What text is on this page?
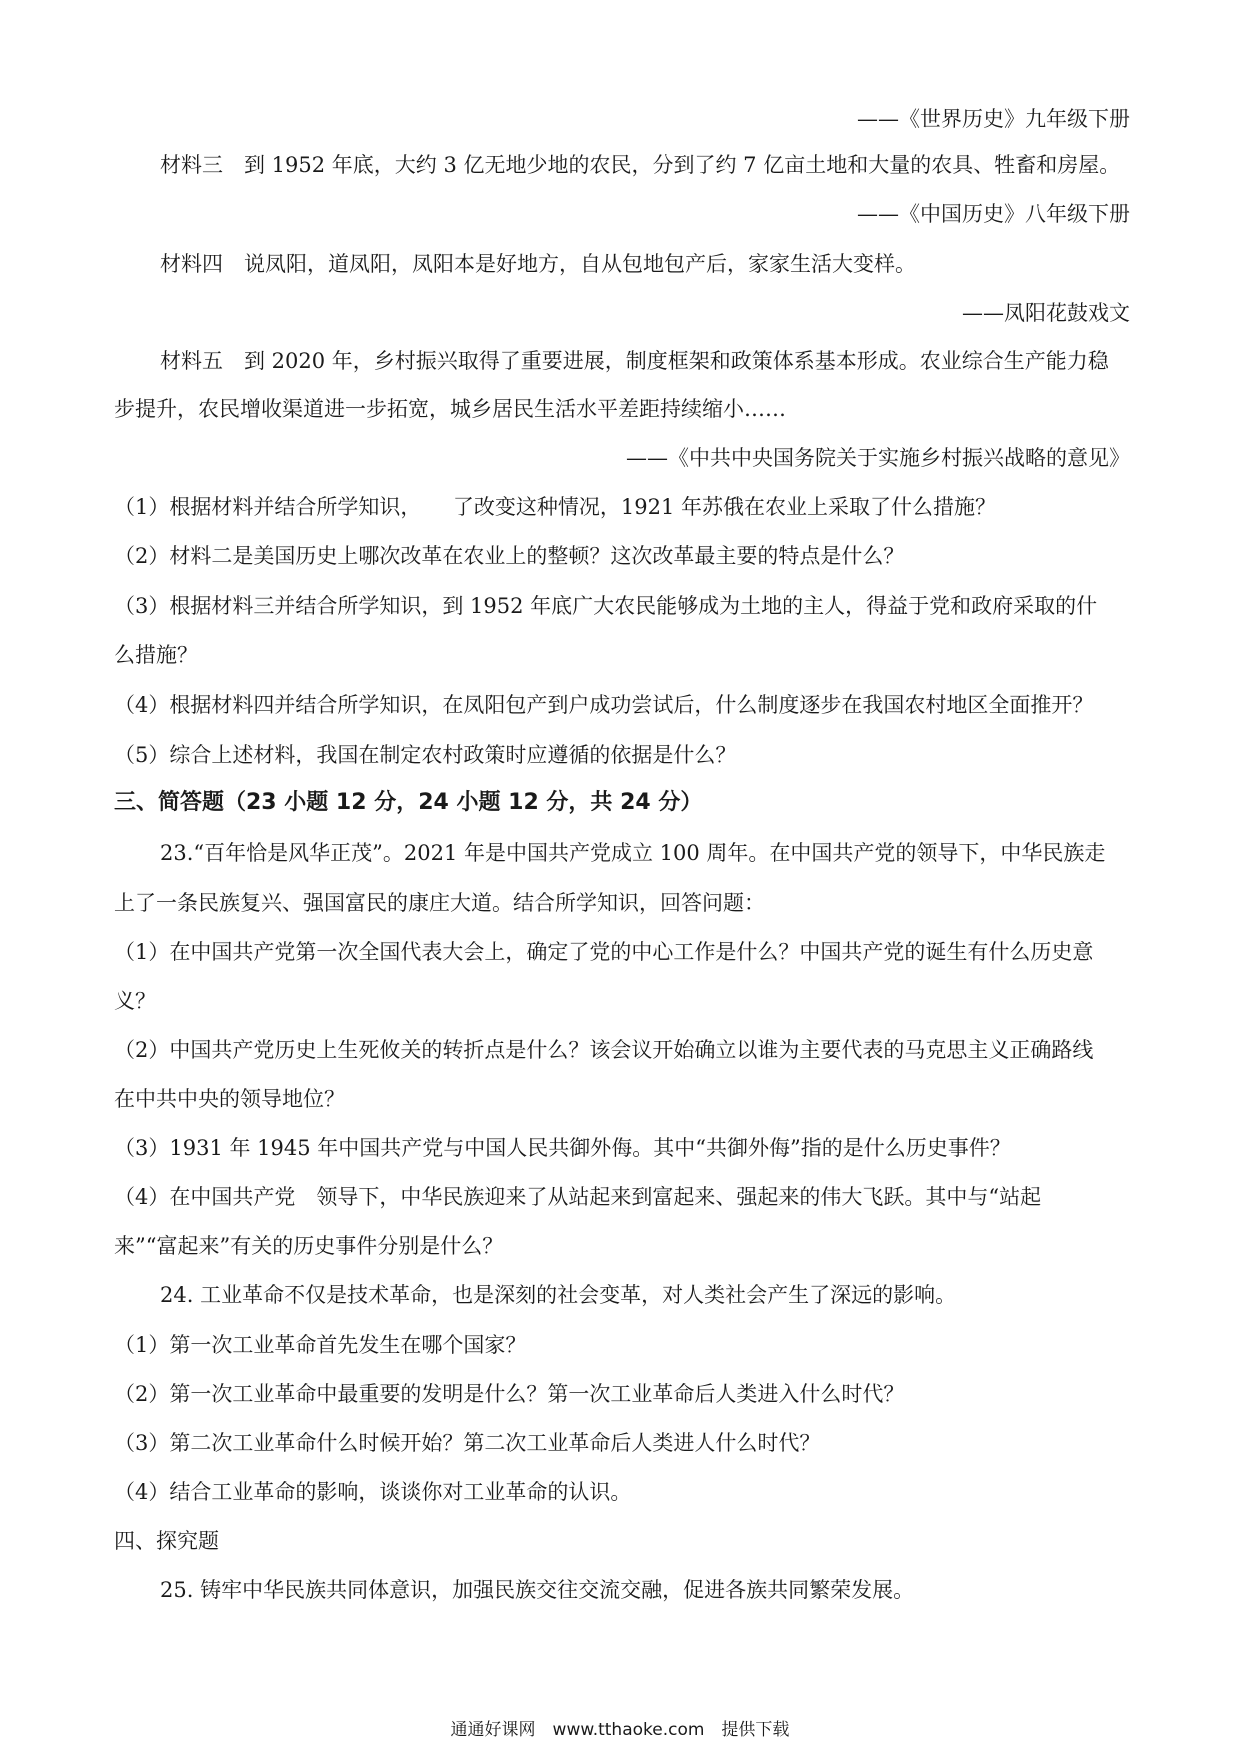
——《世界历史》九年级下册
材料三　到 1952 年底，大约 3 亿无地少地的农民，分到了约 7 亿亩土地和大量的农具、牲畜和房屋。
——《中国历史》八年级下册
材料四　说凤阳，道凤阳，凤阳本是好地方，自从包地包产后，家家生活大变样。
——凤阳花鼓戏文
材料五　到 2020 年，乡村振兴取得了重要进展，制度框架和政策体系基本形成。农业综合生产能力稳
步提升，农民增收渠道进一步拓宽，城乡居民生活水平差距持续缩小……
——《中共中央国务院关于实施乡村振兴战略的意见》
（1）根据材料并结合所学知识，　　了改变这种情况，1921 年苏俄在农业上采取了什么措施？
（2）材料二是美国历史上哪次改革在农业上的整顿？这次改革最主要的特点是什么？
（3）根据材料三并结合所学知识，到 1952 年底广大农民能够成为土地的主人，得益于党和政府采取的什
么措施？
（4）根据材料四并结合所学知识，在凤阳包产到户成功尝试后，什么制度逐步在我国农村地区全面推开？
（5）综合上述材料，我国在制定农村政策时应遵循的依据是什么？
三、简答题（23 小题 12 分，24 小题 12 分，共 24 分）
23.“百年恰是风华正茂”。2021 年是中国共产党成立 100 周年。在中国共产党的领导下，中华民族走
上了一条民族复兴、强国富民的康庄大道。结合所学知识，回答问题：
（1）在中国共产党第一次全国代表大会上，确定了党的中心工作是什么？中国共产党的诞生有什么历史意
义？
（2）中国共产党历史上生死攸关的转折点是什么？该会议开始确立以谁为主要代表的马克思主义正确路线
在中共中央的领导地位？
（3）1931 年 1945 年中国共产党与中国人民共御外侮。其中“共御外侮”指的是什么历史事件？
（4）在中国共产党　领导下，中华民族迎来了从站起来到富起来、强起来的伟大飞跃。其中与“站起
来”“富起来”有关的历史事件分别是什么？
24. 工业革命不仅是技术革命，也是深刻的社会变革，对人类社会产生了深远的影响。
（1）第一次工业革命首先发生在哪个国家？
（2）第一次工业革命中最重要的发明是什么？第一次工业革命后人类进入什么时代？
（3）第二次工业革命什么时候开始？第二次工业革命后人类进人什么时代？
（4）结合工业革命的影响，谈谈你对工业革命的认识。
四、探究题
25. 铸牢中华民族共同体意识，加强民族交往交流交融，促进各族共同繁荣发展。
通通好课网　www.tthaoke.com　提供下载
